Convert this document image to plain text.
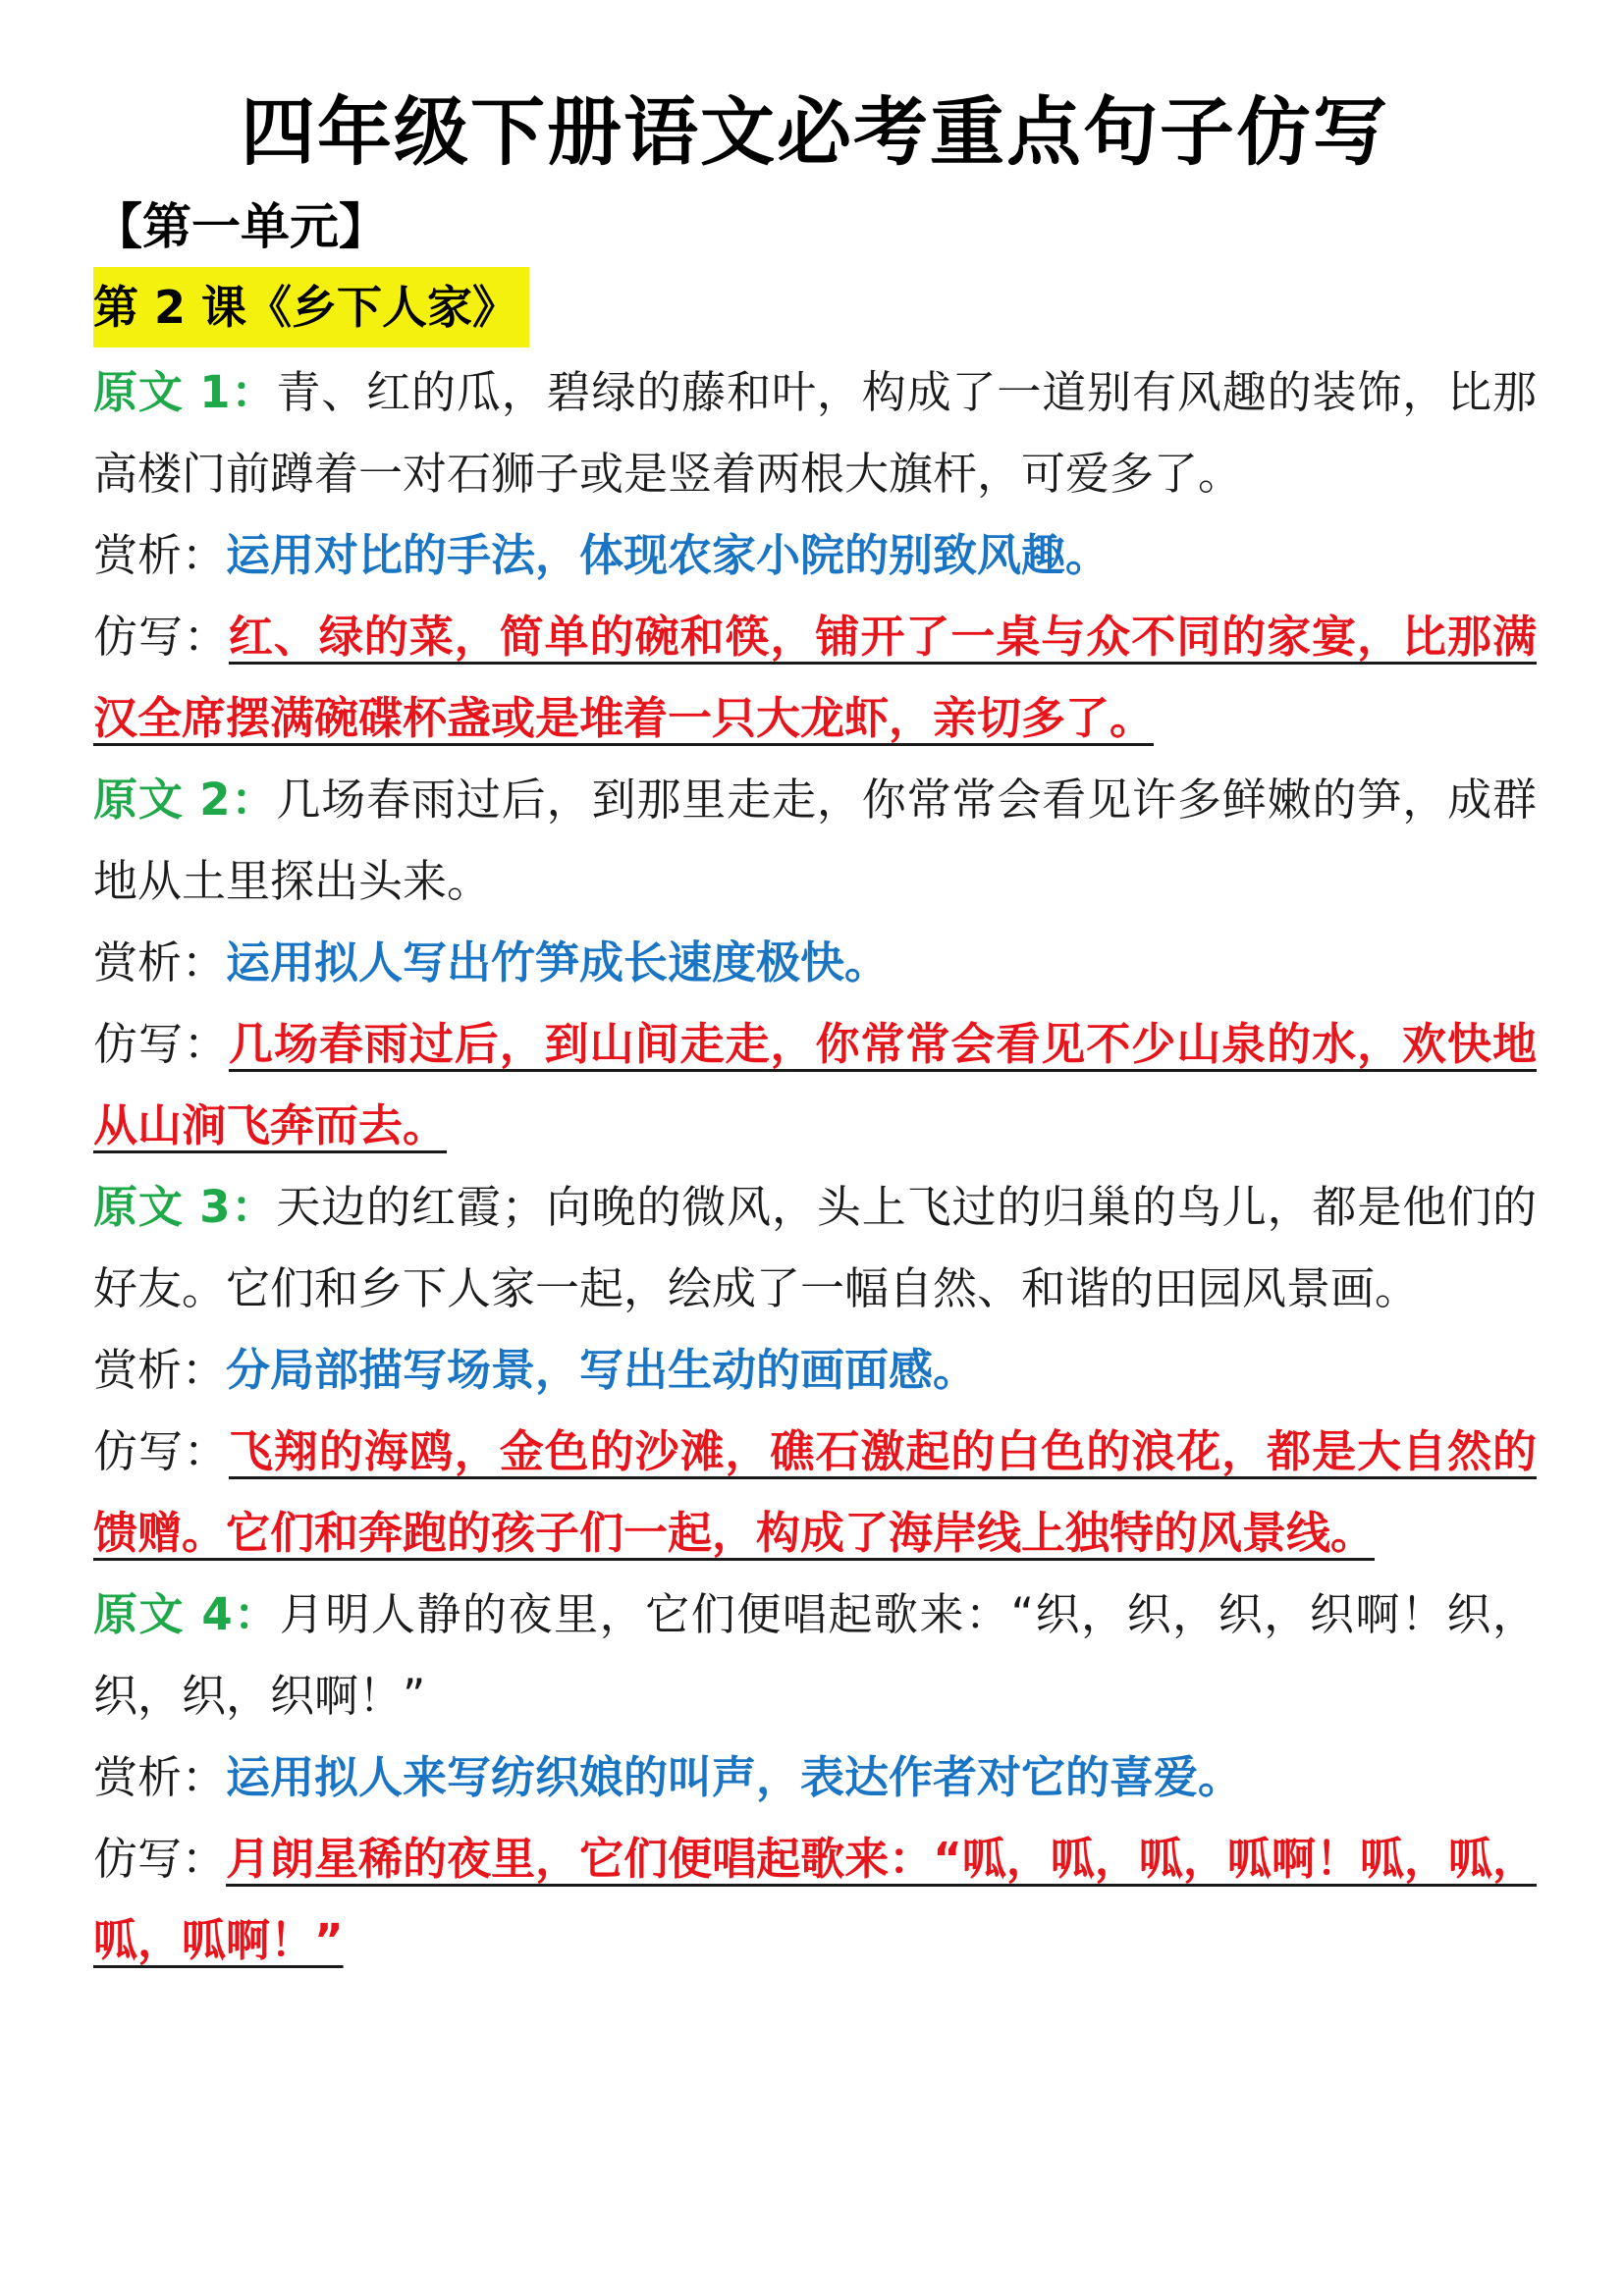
四年级下册语文必考重点句子仿写
【第一单元】
第 2 课《乡下人家》

原文 1：青、红的瓜，碧绿的藤和叶，构成了一道别有风趣的装饰，比那高楼门前蹲着一对石狮子或是竖着两根大旗杆，可爱多了。

赏析：运用对比的手法，体现农家小院的别致风趣。

仿写：红、绿的菜，简单的碗和筷，铺开了一桌与众不同的家宴，比那满汉全席摆满碗碟杯盏或是堆着一只大龙虾，亲切多了。

原文 2：几场春雨过后，到那里走走，你常常会看见许多鲜嫩的笋，成群地从土里探出头来。

赏析：运用拟人写出竹笋成长速度极快。

仿写：几场春雨过后，到山间走走，你常常会看见不少山泉的水，欢快地从山涧飞奔而去。

原文 3：天边的红霞；向晚的微风，头上飞过的归巢的鸟儿，都是他们的好友。它们和乡下人家一起，绘成了一幅自然、和谐的田园风景画。

赏析：分局部描写场景，写出生动的画面感。

仿写：飞翔的海鸥，金色的沙滩，礁石激起的白色的浪花，都是大自然的馈赠。它们和奔跑的孩子们一起，构成了海岸线上独特的风景线。

原文 4：月明人静的夜里，它们便唱起歌来：“织，织，织，织啊！织，织，织，织啊！”

赏析：运用拟人来写纺织娘的叫声，表达作者对它的喜爱。

仿写：月朗星稀的夜里，它们便唱起歌来：“呱，呱，呱，呱啊！呱，呱，呱，呱啊！”
